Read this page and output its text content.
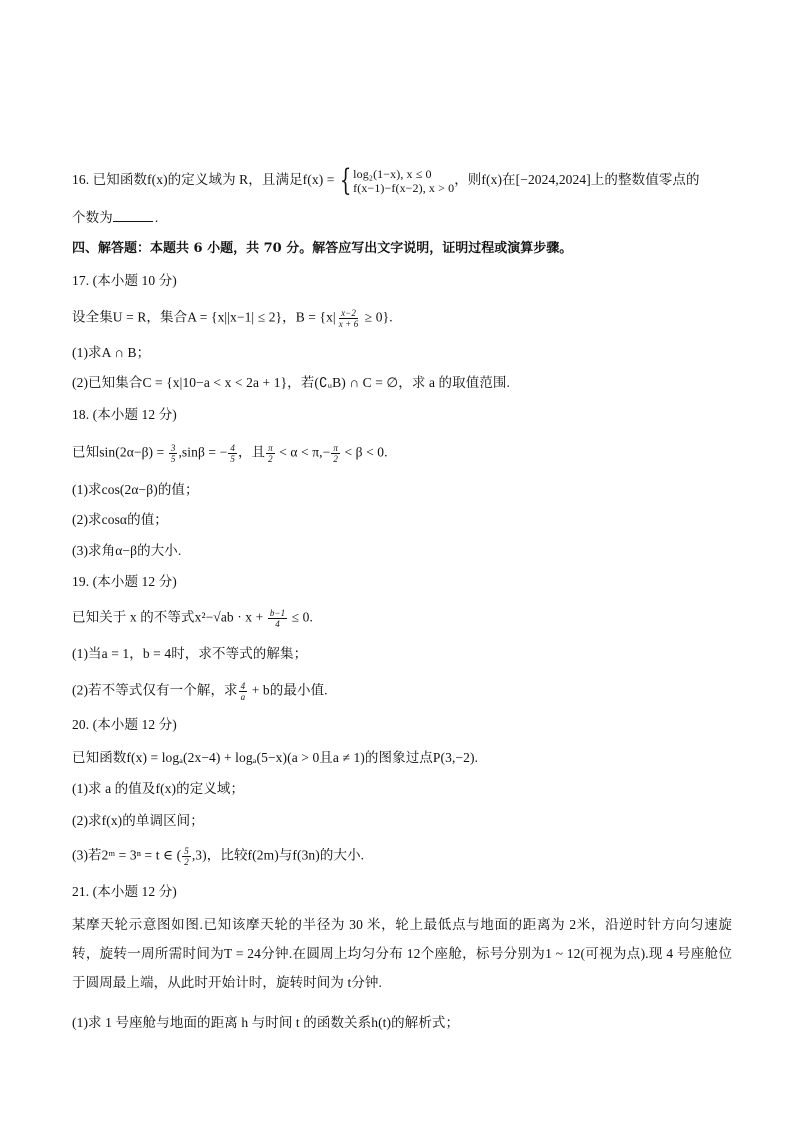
16. 已知函数f(x)的定义域为 R，且满足f(x) = { log₂(1−x), x ≤ 0
f(x−1)−f(x−2), x > 0
，则f(x)在[−2024,2024]上的整数值零点的
个数为	.
四、解答题：本题共 6 小题，共 70 分。解答应写出文字说明，证明过程或演算步骤。
17. (本小题 10 分)
设全集U = R，集合A = {x||x−1| ≤ 2}，$B = \{x| \frac{x-2}{x + 6} \ge 0\}$.
(1)求A ∩ B；
(2)已知集合C = {x|10−a < x < 2a + 1}，若(∁ᵤB) ∩ C = ∅，求 a 的取值范围.
18. (本小题 12 分)
已知$\sin(2\alpha-\beta) = \frac{3}{5} ,\sin\beta$ = − $\frac{4}{5}$ ，且 $\frac{\pi}{2} < \alpha < \pi,- \frac{\pi}{2} < \beta < 0$.
(1)求cos(2α−β)的值；
(2)求cosα的值；
(3)求角α−β的大小.
19. (本小题 12 分)
已知关于 x 的不等式$x^2-√ab \cdot x + \frac{b-1}{4} \le 0$.
(1)当a = 1，b = 4时，求不等式的解集；
(2)若不等式仅有一个解，求 $\frac{4}{a} + b$的最小值.
20. (本小题 12 分)
已知函数f(x) = logₐ(2x−4) + logₐ(5−x)(a > 0且a ≠ 1)的图象过点P(3,−2).
(1)求 a 的值及f(x)的定义域；
(2)求f(x)的单调区间；
(3)若2ᵐ = 3ⁿ = t ∈ ( $\frac{5}{2} ,3$)，比较f(2m)与f(3n)的大小.
21. (本小题 12 分)
某摩天轮示意图如图.已知该摩天轮的半径为 30 米，轮上最低点与地面的距离为 2米，沿逆时针方向匀速旋转，旋转一周所需时间为T = 24分钟.在圆周上均匀分布 12个座舱，标号分别为1 ~ 12(可视为点).现 4 号座舱位于圆周最上端，从此时开始计时，旋转时间为 t分钟.
(1)求 1 号座舱与地面的距离 h 与时间 t 的函数关系h(t)的解析式；
